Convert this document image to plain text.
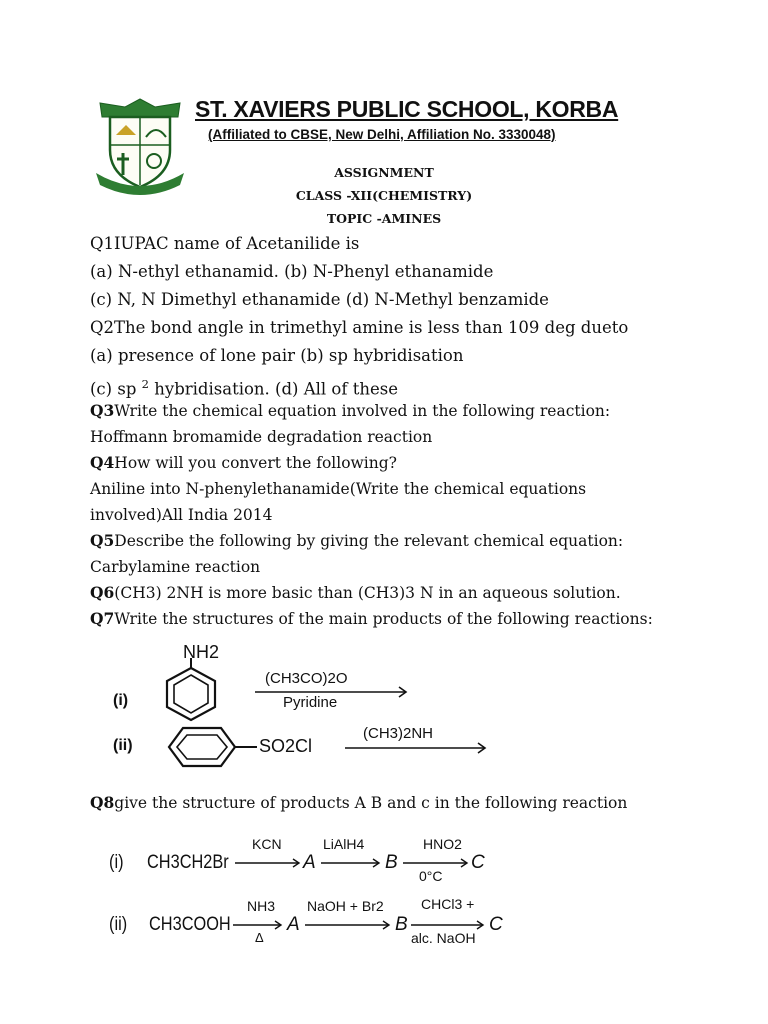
ST. XAVIERS PUBLIC SCHOOL, KORBA
(Affiliated to CBSE, New Delhi, Affiliation No. 3330048)
ASSIGNMENT
CLASS -XII(CHEMISTRY)
TOPIC -AMINES
Q1IUPAC name of Acetanilide is
(a) N-ethyl ethanamid. (b) N-Phenyl ethanamide
(c) N, N Dimethyl ethanamide (d) N-Methyl benzamide
Q2The bond angle in trimethyl amine is less than 109 deg dueto
(a) presence of lone pair (b) sp hybridisation
(c) sp $^2$ hybridisation. (d) All of these
Q3Write the chemical equation involved in the following reaction:
Hoffmann bromamide degradation reaction
Q4How will you convert the following?
Aniline into N-phenylethanamide(Write the chemical equations
involved)All India 2014
Q5Describe the following by giving the relevant chemical equation:
Carbylamine reaction
Q6(CH3) 2NH is more basic than (CH3)3 N in an aqueous solution.
Q7Write the structures of the main products of the following reactions:
NH2
(i)
(CH3CO)2O
Pyridine
(ii)	SO2Cl
(CH3)2NH
Q8give the structure of products A B and c in the following reaction
(i) CH3CH2Br
KCN
A
LiAlH4
B
HNO2
0°C
C
(ii) CH3COOH
NH3
Δ
A
NaOH + Br2
B
CHCl3 +
alc. NaOH
C
